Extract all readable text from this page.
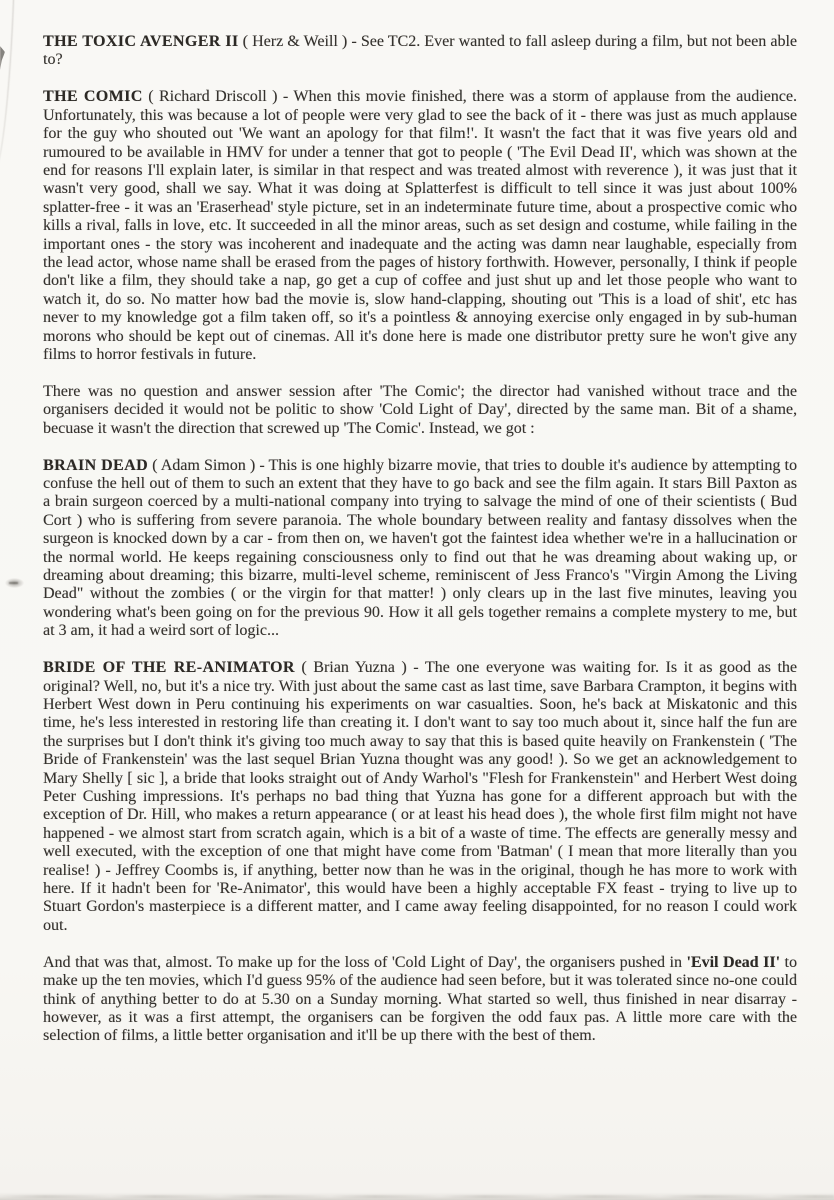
THE TOXIC AVENGER II ( Herz & Weill ) - See TC2. Ever wanted to fall asleep during a film, but not been able to?

THE COMIC ( Richard Driscoll ) - When this movie finished, there was a storm of applause from the audience. Unfortunately, this was because a lot of people were very glad to see the back of it - there was just as much applause for the guy who shouted out 'We want an apology for that film!'. It wasn't the fact that it was five years old and rumoured to be available in HMV for under a tenner that got to people ( 'The Evil Dead II', which was shown at the end for reasons I'll explain later, is similar in that respect and was treated almost with reverence ), it was just that it wasn't very good, shall we say. What it was doing at Splatterfest is difficult to tell since it was just about 100% splatter-free - it was an 'Eraserhead' style picture, set in an indeterminate future time, about a prospective comic who kills a rival, falls in love, etc. It succeeded in all the minor areas, such as set design and costume, while failing in the important ones - the story was incoherent and inadequate and the acting was damn near laughable, especially from the lead actor, whose name shall be erased from the pages of history forthwith. However, personally, I think if people don't like a film, they should take a nap, go get a cup of coffee and just shut up and let those people who want to watch it, do so. No matter how bad the movie is, slow hand-clapping, shouting out 'This is a load of shit', etc has never to my knowledge got a film taken off, so it's a pointless & annoying exercise only engaged in by sub-human morons who should be kept out of cinemas. All it's done here is made one distributor pretty sure he won't give any films to horror festivals in future.

There was no question and answer session after 'The Comic'; the director had vanished without trace and the organisers decided it would not be politic to show 'Cold Light of Day', directed by the same man. Bit of a shame, becuase it wasn't the direction that screwed up 'The Comic'. Instead, we got :

BRAIN DEAD ( Adam Simon ) - This is one highly bizarre movie, that tries to double it's audience by attempting to confuse the hell out of them to such an extent that they have to go back and see the film again. It stars Bill Paxton as a brain surgeon coerced by a multi-national company into trying to salvage the mind of one of their scientists ( Bud Cort ) who is suffering from severe paranoia. The whole boundary between reality and fantasy dissolves when the surgeon is knocked down by a car - from then on, we haven't got the faintest idea whether we're in a hallucination or the normal world. He keeps regaining consciousness only to find out that he was dreaming about waking up, or dreaming about dreaming; this bizarre, multi-level scheme, reminiscent of Jess Franco's "Virgin Among the Living Dead" without the zombies ( or the virgin for that matter! ) only clears up in the last five minutes, leaving you wondering what's been going on for the previous 90. How it all gels together remains a complete mystery to me, but at 3 am, it had a weird sort of logic...

BRIDE OF THE RE-ANIMATOR ( Brian Yuzna ) - The one everyone was waiting for. Is it as good as the original? Well, no, but it's a nice try. With just about the same cast as last time, save Barbara Crampton, it begins with Herbert West down in Peru continuing his experiments on war casualties. Soon, he's back at Miskatonic and this time, he's less interested in restoring life than creating it. I don't want to say too much about it, since half the fun are the surprises but I don't think it's giving too much away to say that this is based quite heavily on Frankenstein ( 'The Bride of Frankenstein' was the last sequel Brian Yuzna thought was any good! ). So we get an acknowledgement to Mary Shelly [ sic ], a bride that looks straight out of Andy Warhol's "Flesh for Frankenstein" and Herbert West doing Peter Cushing impressions. It's perhaps no bad thing that Yuzna has gone for a different approach but with the exception of Dr. Hill, who makes a return appearance ( or at least his head does ), the whole first film might not have happened - we almost start from scratch again, which is a bit of a waste of time. The effects are generally messy and well executed, with the exception of one that might have come from 'Batman' ( I mean that more literally than you realise! ) - Jeffrey Coombs is, if anything, better now than he was in the original, though he has more to work with here. If it hadn't been for 'Re-Animator', this would have been a highly acceptable FX feast - trying to live up to Stuart Gordon's masterpiece is a different matter, and I came away feeling disappointed, for no reason I could work out.

And that was that, almost. To make up for the loss of 'Cold Light of Day', the organisers pushed in 'Evil Dead II' to make up the ten movies, which I'd guess 95% of the audience had seen before, but it was tolerated since no-one could think of anything better to do at 5.30 on a Sunday morning. What started so well, thus finished in near disarray - however, as it was a first attempt, the organisers can be forgiven the odd faux pas. A little more care with the selection of films, a little better organisation and it'll be up there with the best of them.
